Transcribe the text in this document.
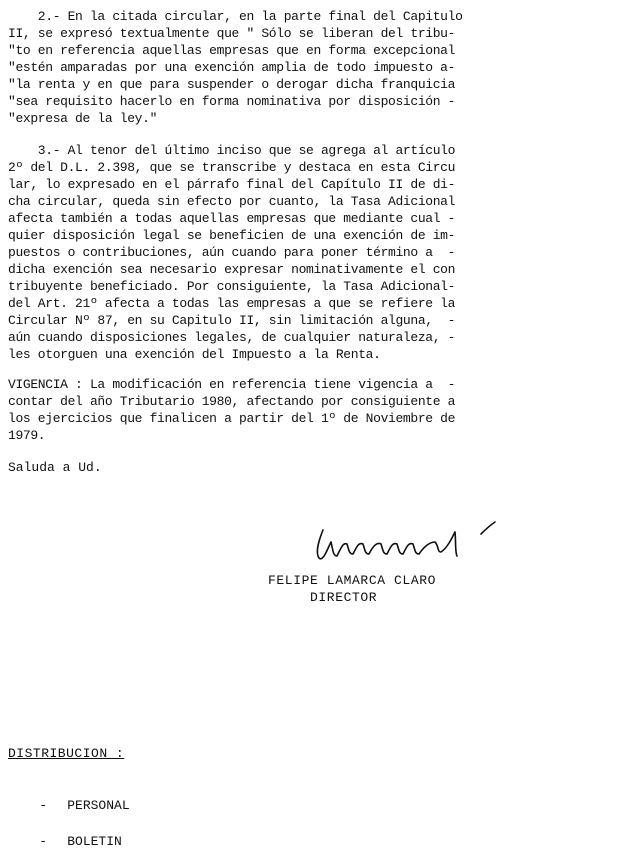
2.- En la citada circular, en la parte final del Capitulo
II, se expresó textualmente que " Sólo se liberan del tribu-
"to en referencia aquellas empresas que en forma excepcional
"estén amparadas por una exención amplia de todo impuesto a-
"la renta y en que para suspender o derogar dicha franquicia
"sea requisito hacerlo en forma nominativa por disposición -
"expresa de la ley."
3.- Al tenor del último inciso que se agrega al artículo
2º del D.L. 2.398, que se transcribe y destaca en esta Circu
lar, lo expresado en el párrafo final del Capítulo II de di-
cha circular, queda sin efecto por cuanto, la Tasa Adicional
afecta también a todas aquellas empresas que mediante cual -
quier disposición legal se beneficien de una exención de im-
puestos o contribuciones, aún cuando para poner término a  -
dicha exención sea necesario expresar nominativamente el con
tribuyente beneficiado. Por consiguiente, la Tasa Adicional-
del Art. 21º afecta a todas las empresas a que se refiere la
Circular Nº 87, en su Capitulo II, sin limitación alguna,  -
aún cuando disposiciones legales, de cualquier naturaleza, -
les otorguen una exención del Impuesto a la Renta.
VIGENCIA : La modificación en referencia tiene vigencia a  -
contar del año Tributario 1980, afectando por consiguiente a
los ejercicios que finalicen a partir del 1º de Noviembre de
1979.
Saluda a Ud.
FELIPE LAMARCA CLARO
DIRECTOR
DISTRIBUCION :

- PERSONAL

- BOLETIN
